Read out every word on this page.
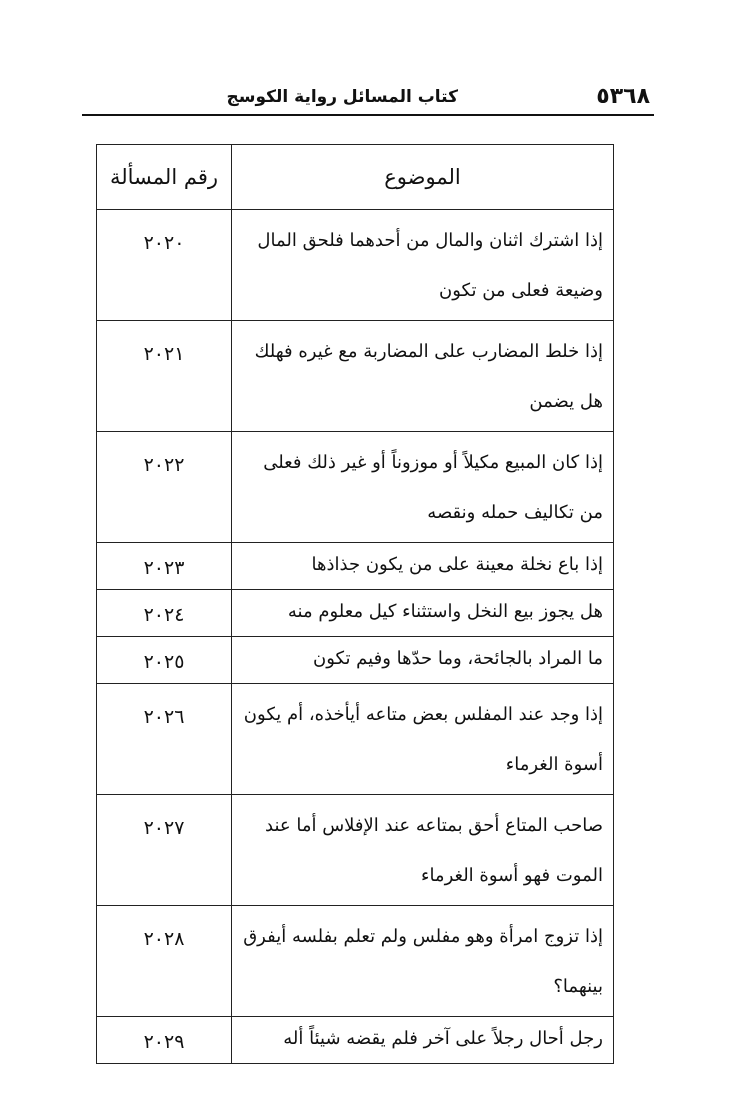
٥٣٦٨
كتاب المسائل رواية الكوسج
الموضوع	رقم المسألة
إذا اشترك اثنان والمال من أحدهما فلحق المال وضيعة فعلى من تكون	٢٠٢٠
إذا خلط المضارب على المضاربة مع غيره فهلك هل يضمن	٢٠٢١
إذا كان المبيع مكيلاً أو موزوناً أو غير ذلك فعلى من تكاليف حمله ونقصه	٢٠٢٢
إذا باع نخلة معينة على من يكون جذاذها	٢٠٢٣
هل يجوز بيع النخل واستثناء كيل معلوم منه	٢٠٢٤
ما المراد بالجائحة، وما حدّها وفيم تكون	٢٠٢٥
إذا وجد عند المفلس بعض متاعه أيأخذه، أم يكون أسوة الغرماء	٢٠٢٦
صاحب المتاع أحق بمتاعه عند الإفلاس أما عند الموت فهو أسوة الغرماء	٢٠٢٧
إذا تزوج امرأة وهو مفلس ولم تعلم بفلسه أيفرق بينهما؟	٢٠٢٨
رجل أحال رجلاً على آخر فلم يقضه شيئاً أله	٢٠٢٩
